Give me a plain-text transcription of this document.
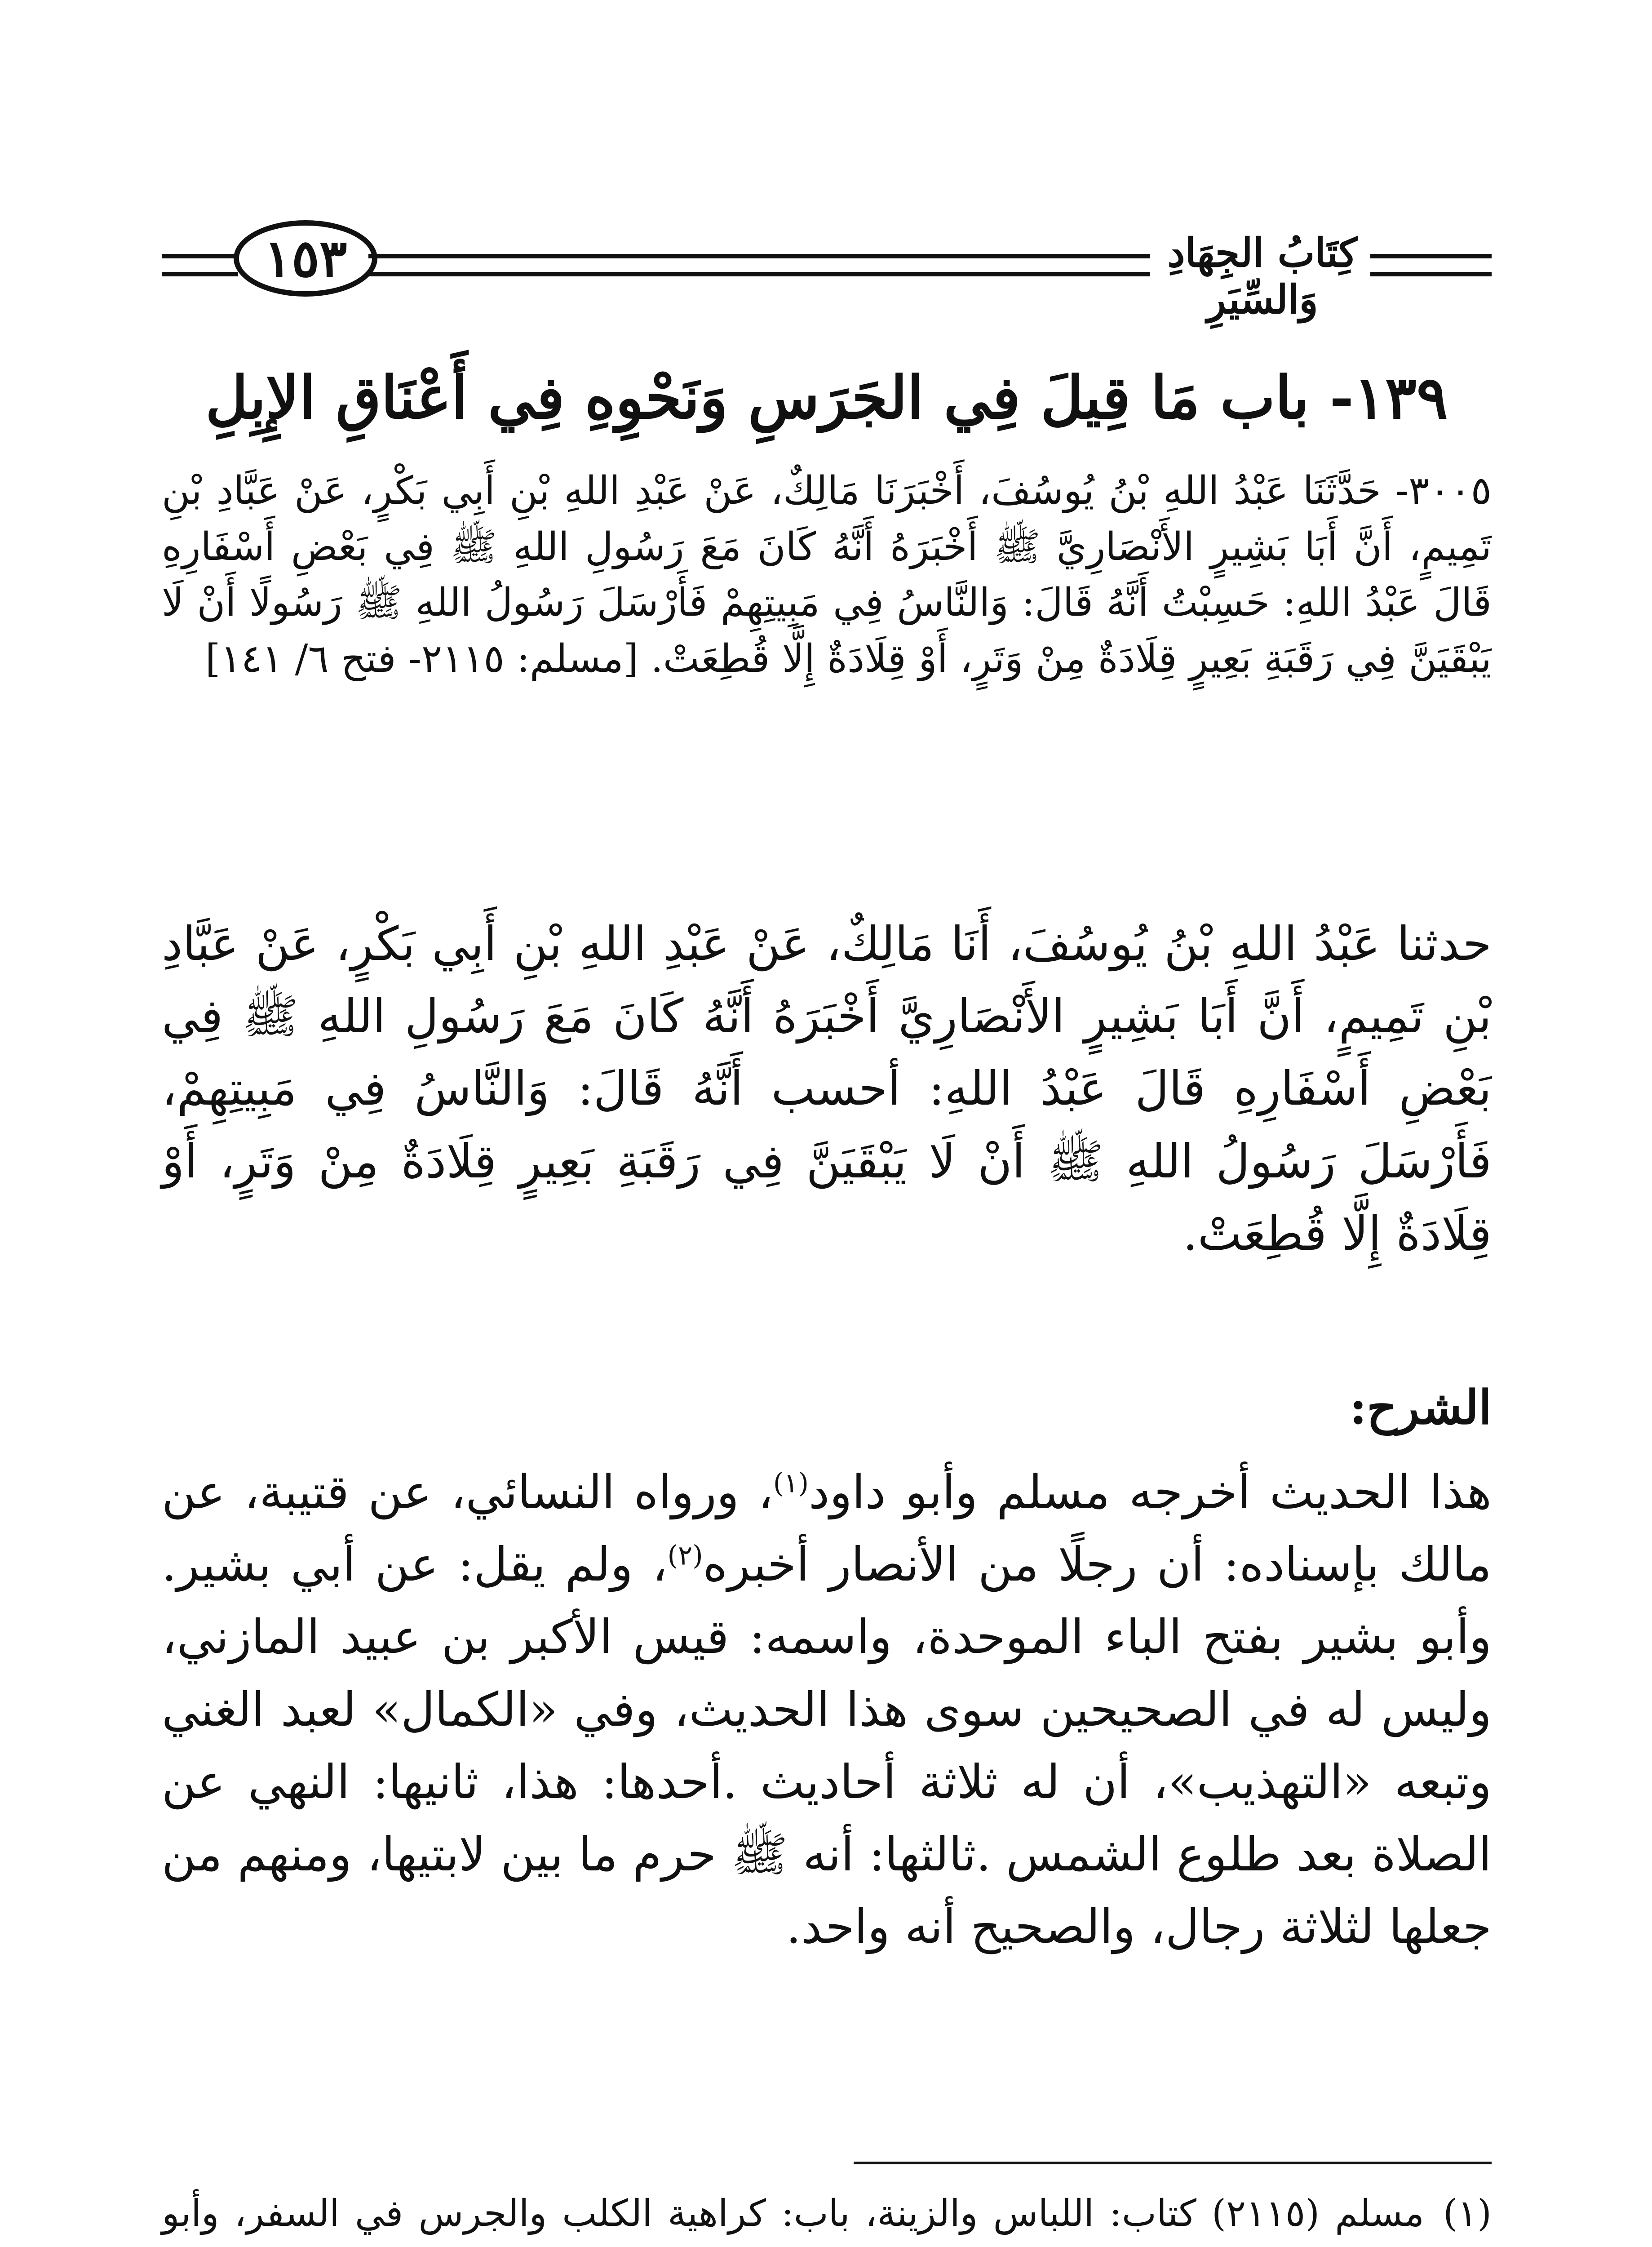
١٥٣	كِتَابُ الجِهَادِ وَالسِّيَرِ
١٣٩- باب مَا قِيلَ فِي الجَرَسِ وَنَحْوِهِ فِي أَعْنَاقِ الإِبِلِ

٣٠٠٥- حَدَّثَنَا عَبْدُ اللهِ بْنُ يُوسُفَ، أَخْبَرَنَا مَالِكٌ، عَنْ عَبْدِ اللهِ بْنِ أَبِي بَكْرٍ، عَنْ عَبَّادِ بْنِ تَمِيمٍ، أَنَّ أَبَا بَشِيرٍ الأَنْصَارِيَّ ﷺ أَخْبَرَهُ أَنَّهُ كَانَ مَعَ رَسُولِ اللهِ ﷺ فِي بَعْضِ أَسْفَارِهِ قَالَ عَبْدُ اللهِ: حَسِبْتُ أَنَّهُ قَالَ: وَالنَّاسُ فِي مَبِيتِهِمْ فَأَرْسَلَ رَسُولُ اللهِ ﷺ رَسُولًا أَنْ لَا يَبْقَيَنَّ فِي رَقَبَةِ بَعِيرٍ قِلَادَةٌ مِنْ وَتَرٍ، أَوْ قِلَادَةٌ إِلَّا قُطِعَتْ. [مسلم: ٢١١٥- فتح ٦/ ١٤١]

حدثنا عَبْدُ اللهِ بْنُ يُوسُفَ، أَنَا مَالِكٌ، عَنْ عَبْدِ اللهِ بْنِ أَبِي بَكْرٍ، عَنْ عَبَّادِ بْنِ تَمِيمٍ، أَنَّ أَبَا بَشِيرٍ الأَنْصَارِيَّ أَخْبَرَهُ أَنَّهُ كَانَ مَعَ رَسُولِ اللهِ ﷺ فِي بَعْضِ أَسْفَارِهِ قَالَ عَبْدُ اللهِ: أحسب أَنَّهُ قَالَ: وَالنَّاسُ فِي مَبِيتِهِمْ، فَأَرْسَلَ رَسُولُ اللهِ ﷺ أَنْ لَا يَبْقَيَنَّ فِي رَقَبَةِ بَعِيرٍ قِلَادَةٌ مِنْ وَتَرٍ، أَوْ قِلَادَةٌ إِلَّا قُطِعَتْ.

الشرح:

هذا الحديث أخرجه مسلم وأبو داود$^{(١)}$، ورواه النسائي، عن قتيبة، عن مالك بإسناده: أن رجلًا من الأنصار أخبره$^{(٢)}$، ولم يقل: عن أبي بشير. وأبو بشير بفتح الباء الموحدة، واسمه: قيس الأكبر بن عبيد المازني، وليس له في الصحيحين سوى هذا الحديث، وفي «الكمال» لعبد الغني وتبعه «التهذيب»، أن له ثلاثة أحاديث .أحدها: هذا، ثانيها: النهي عن الصلاة بعد طلوع الشمس .ثالثها: أنه ﷺ حرم ما بين لابتيها، ومنهم من جعلها لثلاثة رجال، والصحيح أنه واحد.

(١)
مسلم (٢١١٥) كتاب: اللباس والزينة، باب: كراهية الكلب والجرس في السفر، وأبو
